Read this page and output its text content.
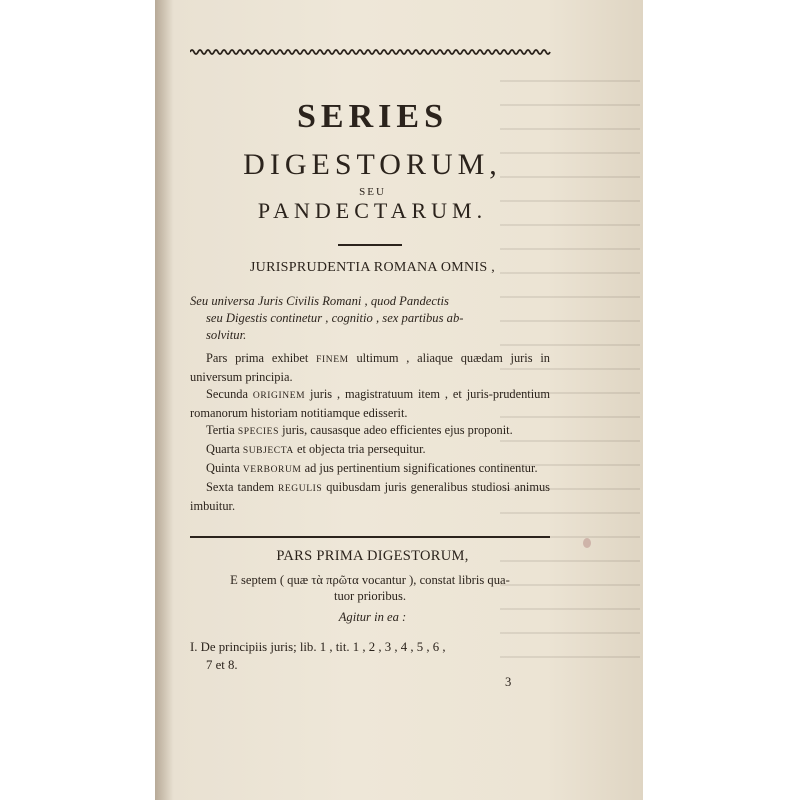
SERIES
DIGESTORUM,
SEU
PANDECTARUM.
JURISPRUDENTIA ROMANA OMNIS ,
Seu universa Juris Civilis Romani , quod Pandectis
seu Digestis continetur , cognitio , sex partibus ab-
solvitur.

Pars prima exhibet FINEM ultimum , aliaque quædam juris in universum principia.

Secunda ORIGINEM juris , magistratuum item , et juris-prudentium romanorum historiam notitiamque edisserit.

Tertia SPECIES juris, causasque adeo efficientes ejus proponit.

Quarta SUBJECTA et objecta tria persequitur.

Quinta VERBORUM ad jus pertinentium significationes continentur.

Sexta tandem REGULIS quibusdam juris generalibus studiosi animus imbuitur.

PARS PRIMA DIGESTORUM,
E septem ( quæ τὰ πρῶτα vocantur ), constat libris qua-
tuor prioribus.
Agitur in ea :
I. De principiis juris; lib. 1 , tit. 1 , 2 , 3 , 4 , 5 , 6 ,
7 et 8.
3
